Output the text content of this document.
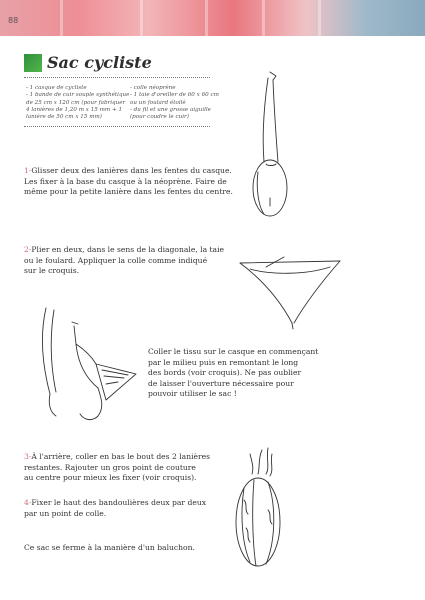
88
Sac cycliste
- 1 casque de cycliste
- 1 bande de cuir souple synthétique
de 25 cm x 120 cm (pour fabriquer
4 lanières de 1,20 m x 15 mm + 1
lanière de 50 cm x 15 mm)
- colle néoprène
- 1 taie d'oreiller de 60 x 60 cm
ou un foulard étoilé
- du fil et une grosse aiguille
(pour coudre le cuir)
1-Glisser deux des lanières dans les fentes du casque.
Les fixer à la base du casque à la néoprène. Faire de
même pour la petite lanière dans les fentes du centre.
2-Plier en deux, dans le sens de la diagonale, la taie
ou le foulard. Appliquer la colle comme indiqué
sur le croquis.
Coller le tissu sur le casque en commençant
par le milieu puis en remontant le long
des bords (voir croquis). Ne pas oublier
de laisser l'ouverture nécessaire pour
pouvoir utiliser le sac !
3-À l'arrière, coller en bas le bout des 2 lanières
restantes. Rajouter un gros point de couture
au centre pour mieux les fixer (voir croquis).
4-Fixer le haut des bandoulières deux par deux
par un point de colle.
Ce sac se ferme à la manière d'un baluchon.
